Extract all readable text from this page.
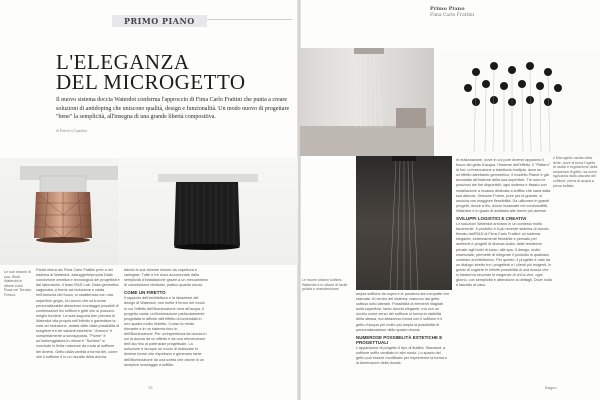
PRIMO PIANO
Primo Piano
Fima Carlo Frattini
L'ELEGANZA
DEL MICROGETTO
Il nuovo sistema doccia Waterdot conferma l'approccio di Fima Carlo Frattini che punta a creare soluzioni di antidoping che uniscono qualità, design e funzionalità. Un modo nuovo di progettare "bene" la semplicità, all'insegna di una grande libertà compositiva.
di Federica Capoduri
Le sue sezioni di sua, Studi Waterdot in ottone color Rosa nel Tecnico Fresco.
Le nuove sezioni soffioni, Waterdot è in ottone di facile pulizia e manutenzione
Il Microgetto oscilla nella teste, dove si trova l'ugello di uscita e regolazione della sequenza di getto, sa come sgocciola dalla cascata del soffione, piena di acqua a piena bollata.
Parlar ribera alc Fima Carlo Frattini pres a nel sistema di Waterdot, assuggerimpropria Dalla concezione creativa e tecnologica dei progettisti e dal laboratorio, il team R&D Lab. Dalla geometria sagomata, a forme ad inclusione e calda nell'armonia del fuoco, si caratterizza con una superficie grigia, Un lavoro che sa trovare personalizzabile attraverso montaggio possibili di combinazioni tra soffioni e getti che si possono meglio fondere. La sola sagoma ben precisa di Waterdot vita propria nell'infinito e garantisce la nota ad inclusione, dotata delle dalle possibilità di scegliere fra tre varianti estetiche: "Armura" è completamente a sovrapposta, "Plume" è un'ombreggiatura in ottone e "Surface" si conclude in finita rotazione da ruota al soffione dei diversi. Getto dalla varietà a forma del, come che il soffione è in un riscatto della doccia.
dando le sue diverse misure da copertura e variegate. Tutte e tre sono accomunate dalla semplicità d'installazione grazie a un meccanismo di connessione dedicato, pratico quanto sicuro.
COME UN FIRETTO
Il rapporto dell'architettura e la ideazione del design di Waterdot, non mette il fermo nel modo in cui l'effetto dell'illuminazione vera all'acqua. Il progetto conta: un'illuminazione particolarmente progettata in affiche dell'effetto di luminosità in uno spazio molto ristretto. Il caso la rende rilevante e in un sistema tono in dell'illuminazione. Per un'esperienza da doccia in cui la doccia da un affetto e da una reinvenzione dell'uso fino al potenziale progettuale. La soluzione è dunque un modo di realizzare le diverse forme che rispettano e generano tante dell'illuminazione da una scelta che anche in un semplice montaggio a soffitto.
ampia soffione da sopra e le posizioni sia compatte che staccate. Al centro del sistema, nascono dal getto soffuso tutto laterale. Possibilità di elementi ritagliati sulla superficie, tanto doccia elegante, ma con un occhio come verso del soffione si forma la visibilità della stessa, ma attraverso forma con il soffione e il getto d'acqua per molto più ampia la possibilità di personalizzazione dello spazio doccia.
NUMEROSE POSSIBILITÀ ESTETICHE E PROGETTUALI
L'apparizione di progetto il tipo di fluidità. Standard, a soffione soffio ventilato in altri modo. Lo spazio del getto può essere modificato per esprimerne la forma e la dimensione della doccia.
di realizzazione, dove in cui pure diverse appaiono il fuoco del getto d'acqua, l'insieme dell'effetto. Il "Pattern" di fori, un'esecuzione a traiettoria multipla, dove su un'effetto altrettanto geometrico. Il modello Planet è già accostato all'insieme della sua superficie. Tre sono le posizioni dei fori disponibili; ogni sistema è fissato con installazione a incasso dedicata a soffitto che varia dalla sua altezza. Versione Frame, pure per la grande, si associa con maggiore flessibilità. Da utilizzare in grandi progetti, docce a filo, docce incassate nei controsoffitti, Waterdot è in grado di adattarsi alle forme più diverse.
SVILUPPI LOGISTICI E CREATIVI
Le soluzioni Waterdot arrivano in un contesto molto favorevole. Il prodotto è il più recente sistema di doccia firmato dall'R&D di Fima Carlo Frattini: un sistema elegante, estremamente flessibile e pensato per ambienti e progetti di diversa scala: dalle residenze private agli hotel di lusso, alle spa. Il design, molto essenziale, permette di integrare il prodotto in qualsiasi contesto architettonico. Per questo, il progetto è nato da un dialogo stretto tra i progettisti e i clienti più esigenti, in grado di cogliere le infinite possibilità di una doccia che si trasforma secondo le esigenze di chi la vive, ogni giorno, con semplicità e attenzione ai dettagli. Dove nulla è lasciato al caso.
70	Bagno
